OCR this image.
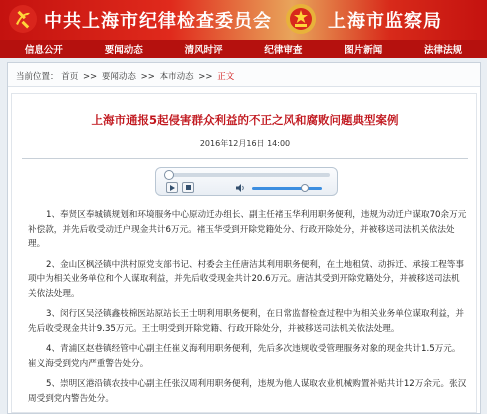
中共上海市纪律检查委员会	上海市监察局
信息公开	要闻动态	清风时评	纪律审查	图片新闻	法律法规
当前位置： 首页 >> 要闻动态 >> 本市动态 >> 正文
上海市通报5起侵害群众利益的不正之风和腐败问题典型案例
2016年12月16日 14:00

1、奉贤区奉城镇规划和环境服务中心原动迁办组长、副主任褚玉华利用职务便利，违规为动迁户谋取70余万元补偿款，并先后收受动迁户现金共计6万元。褚玉华受到开除党籍处分、行政开除处分，并被移送司法机关依法处理。

2、金山区枫泾镇中洪村原党支部书记、村委会主任唐洁其利用职务便利，在土地租赁、动拆迁、承接工程等事项中为相关业务单位和个人谋取利益，并先后收受现金共计20.6万元。唐洁其受到开除党籍处分，并被移送司法机关依法处理。

3、闵行区吴泾镇鑫枝棉医站原站长王士明利用职务便利，在日常监督检查过程中为相关业务单位谋取利益，并先后收受现金共计9.35万元。王士明受到开除党籍、行政开除处分，并被移送司法机关依法处理。

4、青浦区赵巷镇经管中心副主任崔义海利用职务便利，先后多次违规收受管理服务对象的现金共计1.5万元。崔义海受到党内严重警告处分。

5、崇明区港沿镇农技中心副主任张汉周利用职务便利，违规为他人谋取农业机械购置补贴共计12万余元。张汉周受到党内警告处分。
